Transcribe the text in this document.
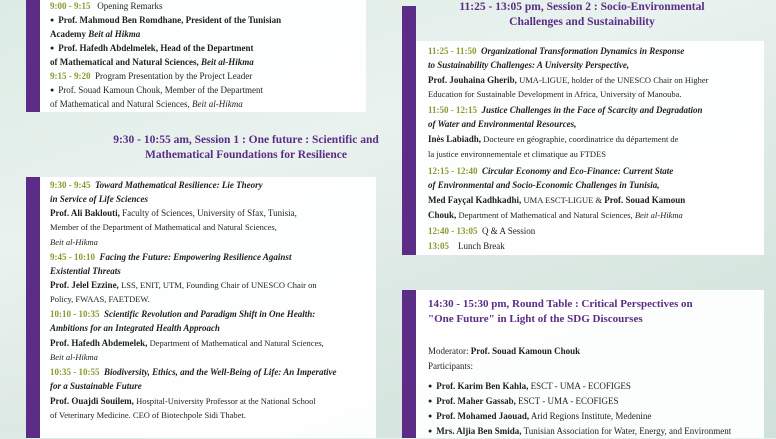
9:00 - 9:15 Opening Remarks
● Prof. Mahmoud Ben Romdhane, President of the Tunisian
Academy Beit al Hikma
● Prof. Hafedh Abdelmelek, Head of the Department
of Mathematical and Natural Sciences, Beit al-Hikma
9:15 - 9:20 Program Presentation by the Project Leader
● Prof. Souad Kamoun Chouk, Member of the Department
of Mathematical and Natural Sciences, Beit al-Hikma
9:30 - 10:55 am, Session 1 : One future : Scientific and
Mathematical Foundations for Resilience
9:30 - 9:45 Toward Mathematical Resilience: Lie Theory
in Service of Life Sciences
Prof. Ali Baklouti, Faculty of Sciences, University of Sfax, Tunisia,
Member of the Department of Mathematical and Natural Sciences,
Beit al-Hikma
9:45 - 10:10 Facing the Future: Empowering Resilience Against
Existential Threats
Prof. Jelel Ezzine, LSS, ENIT, UTM, Founding Chair of UNESCO Chair on
Policy, FWAAS, FAETDEW.
10:10 - 10:35 Scientific Revolution and Paradigm Shift in One Health:
Ambitions for an Integrated Health Approach
Prof. Hafedh Abdemelek, Department of Mathematical and Natural Sciences,
Beit al-Hikma
10:35 - 10:55 Biodiversity, Ethics, and the Well-Being of Life: An Imperative
for a Sustainable Future
Prof. Ouajdi Souilem, Hospital-University Professor at the National School
of Veterinary Medicine. CEO of Biotechpole Sidi Thabet.
11:25 - 13:05 pm, Session 2 : Socio-Environmental
Challenges and Sustainability
11:25 - 11:50 Organizational Transformation Dynamics in Response
to Sustainability Challenges: A University Perspective,
Prof. Jouhaina Gherib, UMA-LIGUE, holder of the UNESCO Chair on Higher
Education for Sustainable Development in Africa, University of Manouba.
11:50 - 12:15 Justice Challenges in the Face of Scarcity and Degradation
of Water and Environmental Resources,
Inès Labiadh, Docteure en géographie, coordinatrice du département de
la justice environnementale et climatique au FTDES
12:15 - 12:40 Circular Economy and Eco-Finance: Current State
of Environmental and Socio-Economic Challenges in Tunisia,
Med Fayçal Kadhkadhi, UMA ESCT-LIGUE & Prof. Souad Kamoun
Chouk, Department of Mathematical and Natural Sciences, Beit al-Hikma
12:40 - 13:05 Q & A Session
13:05 Lunch Break
14:30 - 15:30 pm, Round Table : Critical Perspectives on
"One Future" in Light of the SDG Discourses
Moderator: Prof. Souad Kamoun Chouk
Participants:
● Prof. Karim Ben Kahla, ESCT - UMA - ECOFIGES
● Prof. Maher Gassab, ESCT - UMA - ECOFIGES
● Prof. Mohamed Jaouad, Arid Regions Institute, Medenine
● Mrs. Aljia Ben Smida, Tunisian Association for Water, Energy, and Environment
